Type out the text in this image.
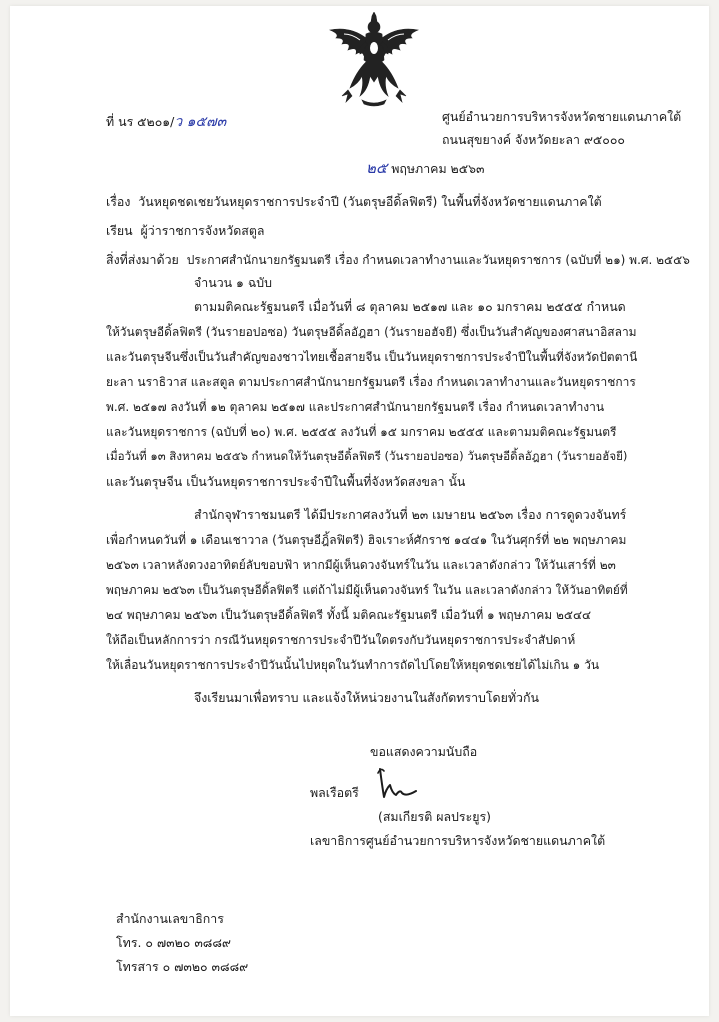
ที่ นร ๕๒๐๑/ว ๑๕๗๓	ศูนย์อำนวยการบริหารจังหวัดชายแดนภาคใต้
ถนนสุขยางค์ จังหวัดยะลา ๙๕๐๐๐
๒๕ พฤษภาคม ๒๕๖๓
เรื่อง วันหยุดชดเชยวันหยุดราชการประจำปี (วันตรุษอีดิ้ลฟิตรี) ในพื้นที่จังหวัดชายแดนภาคใต้
เรียน ผู้ว่าราชการจังหวัดสตูล
สิ่งที่ส่งมาด้วย ประกาศสำนักนายกรัฐมนตรี เรื่อง กำหนดเวลาทำงานและวันหยุดราชการ (ฉบับที่ ๒๑) พ.ศ. ๒๕๕๖
จำนวน ๑ ฉบับ
ตามมติคณะรัฐมนตรี เมื่อวันที่ ๘ ตุลาคม ๒๕๑๗ และ ๑๐ มกราคม ๒๕๕๕ กำหนด
ให้วันตรุษอีดิ้ลฟิตรี (วันรายอปอซอ) วันตรุษอีดิ้ลอัฎฮา (วันรายอฮัจยี) ซึ่งเป็นวันสำคัญของศาสนาอิสลาม
และวันตรุษจีนซึ่งเป็นวันสำคัญของชาวไทยเชื้อสายจีน เป็นวันหยุดราชการประจำปีในพื้นที่จังหวัดปัตตานี
ยะลา นราธิวาส และสตูล ตามประกาศสำนักนายกรัฐมนตรี เรื่อง กำหนดเวลาทำงานและวันหยุดราชการ
พ.ศ. ๒๕๑๗ ลงวันที่ ๑๒ ตุลาคม ๒๕๑๗ และประกาศสำนักนายกรัฐมนตรี เรื่อง กำหนดเวลาทำงาน
และวันหยุดราชการ (ฉบับที่ ๒๐) พ.ศ. ๒๕๕๕ ลงวันที่ ๑๕ มกราคม ๒๕๕๕ และตามมติคณะรัฐมนตรี
เมื่อวันที่ ๑๓ สิงหาคม ๒๕๕๖ กำหนดให้วันตรุษอีดิ้ลฟิตรี (วันรายอปอซอ) วันตรุษอีดิ้ลอัฎฮา (วันรายอฮัจยี)
และวันตรุษจีน เป็นวันหยุดราชการประจำปีในพื้นที่จังหวัดสงขลา นั้น
สำนักจุฬาราชมนตรี ได้มีประกาศลงวันที่ ๒๓ เมษายน ๒๕๖๓ เรื่อง การดูดวงจันทร์
เพื่อกำหนดวันที่ ๑ เดือนเชาวาล (วันตรุษอีฎิ้ลฟิตรี) ฮิจเราะห์ศักราช ๑๔๔๑ ในวันศุกร์ที่ ๒๒ พฤษภาคม
๒๕๖๓ เวลาหลังดวงอาทิตย์ลับขอบฟ้า หากมีผู้เห็นดวงจันทร์ในวัน และเวลาดังกล่าว ให้วันเสาร์ที่ ๒๓
พฤษภาคม ๒๕๖๓ เป็นวันตรุษอีดิ้ลฟิตรี แต่ถ้าไม่มีผู้เห็นดวงจันทร์ ในวัน และเวลาดังกล่าว ให้วันอาทิตย์ที่
๒๔ พฤษภาคม ๒๕๖๓ เป็นวันตรุษอีดิ้ลฟิตรี ทั้งนี้ มติคณะรัฐมนตรี เมื่อวันที่ ๑ พฤษภาคม ๒๕๔๔
ให้ถือเป็นหลักการว่า กรณีวันหยุดราชการประจำปีวันใดตรงกับวันหยุดราชการประจำสัปดาห์
ให้เลื่อนวันหยุดราชการประจำปีวันนั้นไปหยุดในวันทำการถัดไปโดยให้หยุดชดเชยได้ไม่เกิน ๑ วัน
จึงเรียนมาเพื่อทราบ และแจ้งให้หน่วยงานในสังกัดทราบโดยทั่วกัน
ขอแสดงความนับถือ
พลเรือตรี
(สมเกียรติ ผลประยูร)
เลขาธิการศูนย์อำนวยการบริหารจังหวัดชายแดนภาคใต้
สำนักงานเลขาธิการ
โทร. ๐ ๗๓๒๐ ๓๘๘๙
โทรสาร ๐ ๗๓๒๐ ๓๘๘๙
